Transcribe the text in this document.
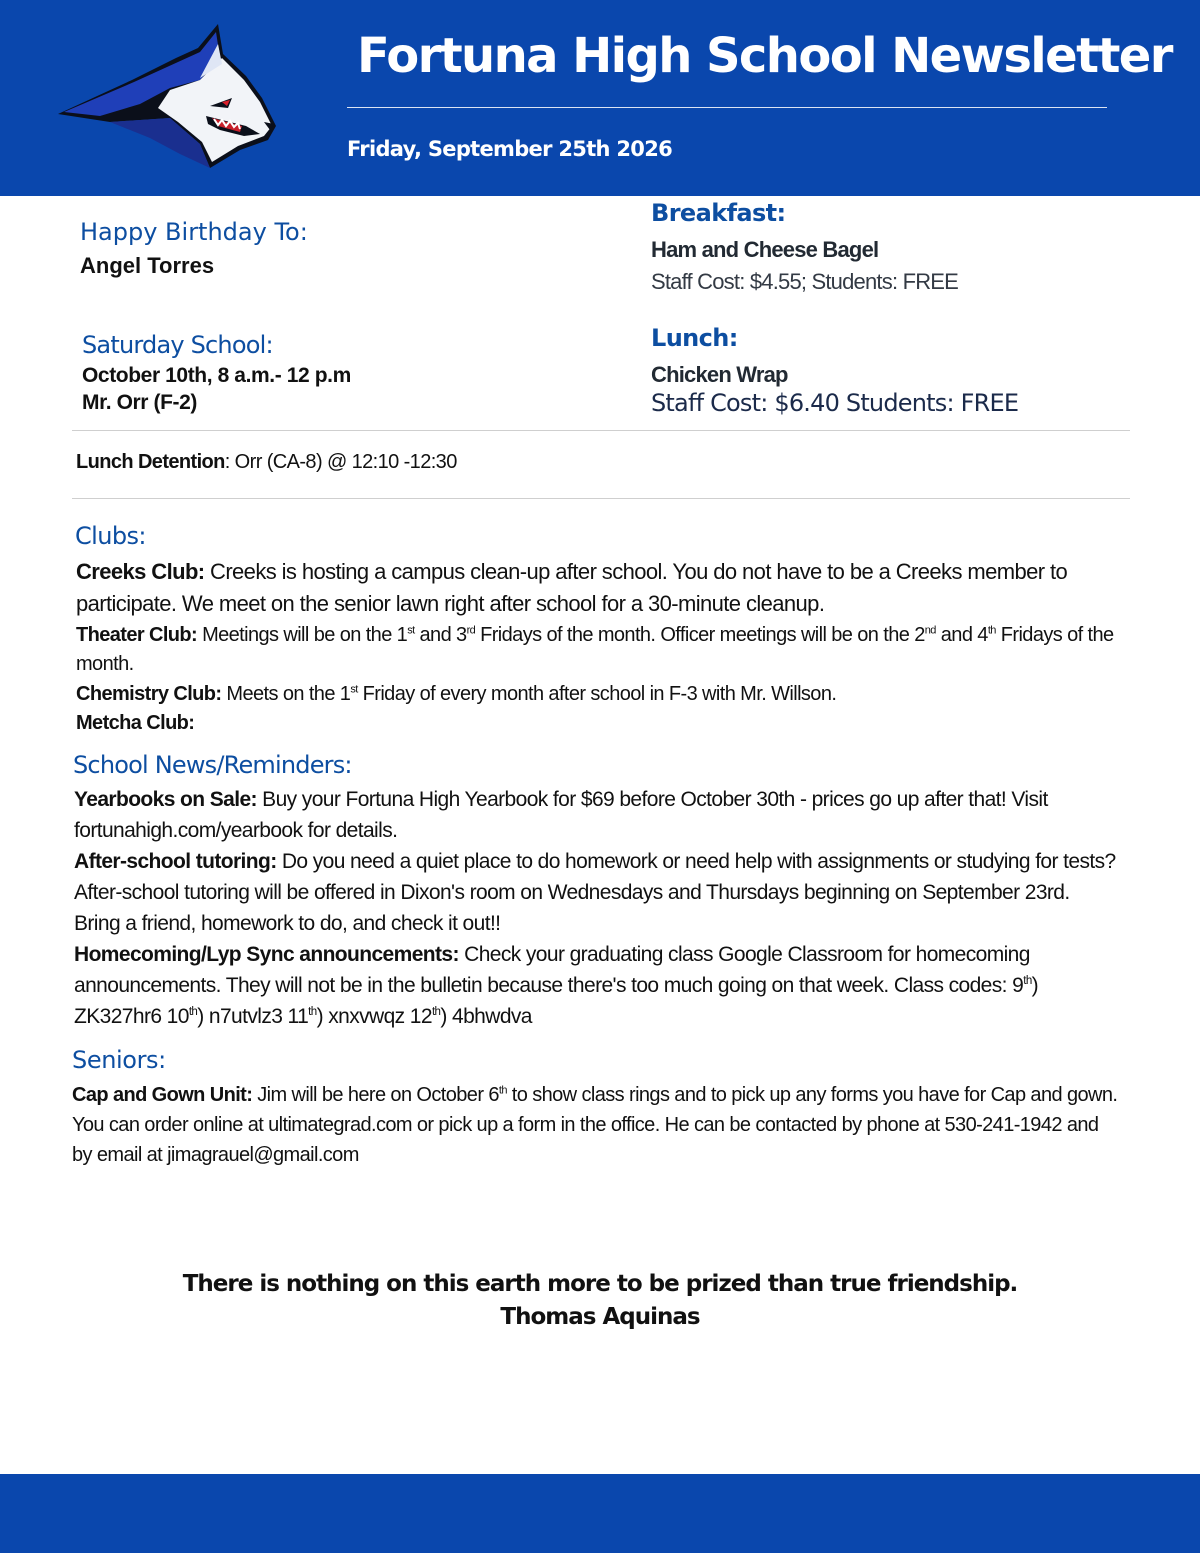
Fortuna High School Newsletter
Friday, September 25th 2026
Happy Birthday To:
Angel Torres
Saturday School:
October 10th, 8 a.m.- 12 p.m
Mr. Orr (F-2)
Breakfast:
Ham and Cheese Bagel
Staff Cost: $4.55; Students: FREE
Lunch:
Chicken Wrap
Staff Cost: $6.40 Students: FREE
Lunch Detention: Orr (CA-8) @ 12:10 -12:30
Clubs:
Creeks Club: Creeks is hosting a campus clean-up after school. You do not have to be a Creeks member to
participate. We meet on the senior lawn right after school for a 30-minute cleanup.
Theater Club: Meetings will be on the 1st and 3rd Fridays of the month. Officer meetings will be on the 2nd and 4th Fridays of the
month.
Chemistry Club: Meets on the 1st Friday of every month after school in F-3 with Mr. Willson.
Metcha Club:
School News/Reminders:
Yearbooks on Sale: Buy your Fortuna High Yearbook for $69 before October 30th - prices go up after that! Visit
fortunahigh.com/yearbook for details.
After-school tutoring: Do you need a quiet place to do homework or need help with assignments or studying for tests?
After-school tutoring will be offered in Dixon's room on Wednesdays and Thursdays beginning on September 23rd.
Bring a friend, homework to do, and check it out!!
Homecoming/Lyp Sync announcements: Check your graduating class Google Classroom for homecoming
announcements. They will not be in the bulletin because there's too much going on that week. Class codes: 9th)
ZK327hr6 10th) n7utvlz3 11th) xnxvwqz 12th) 4bhwdva
Seniors:
Cap and Gown Unit: Jim will be here on October 6th to show class rings and to pick up any forms you have for Cap and gown.
You can order online at ultimategrad.com or pick up a form in the office. He can be contacted by phone at 530-241-1942 and
by email at jimagrauel@gmail.com
There is nothing on this earth more to be prized than true friendship.
Thomas Aquinas
